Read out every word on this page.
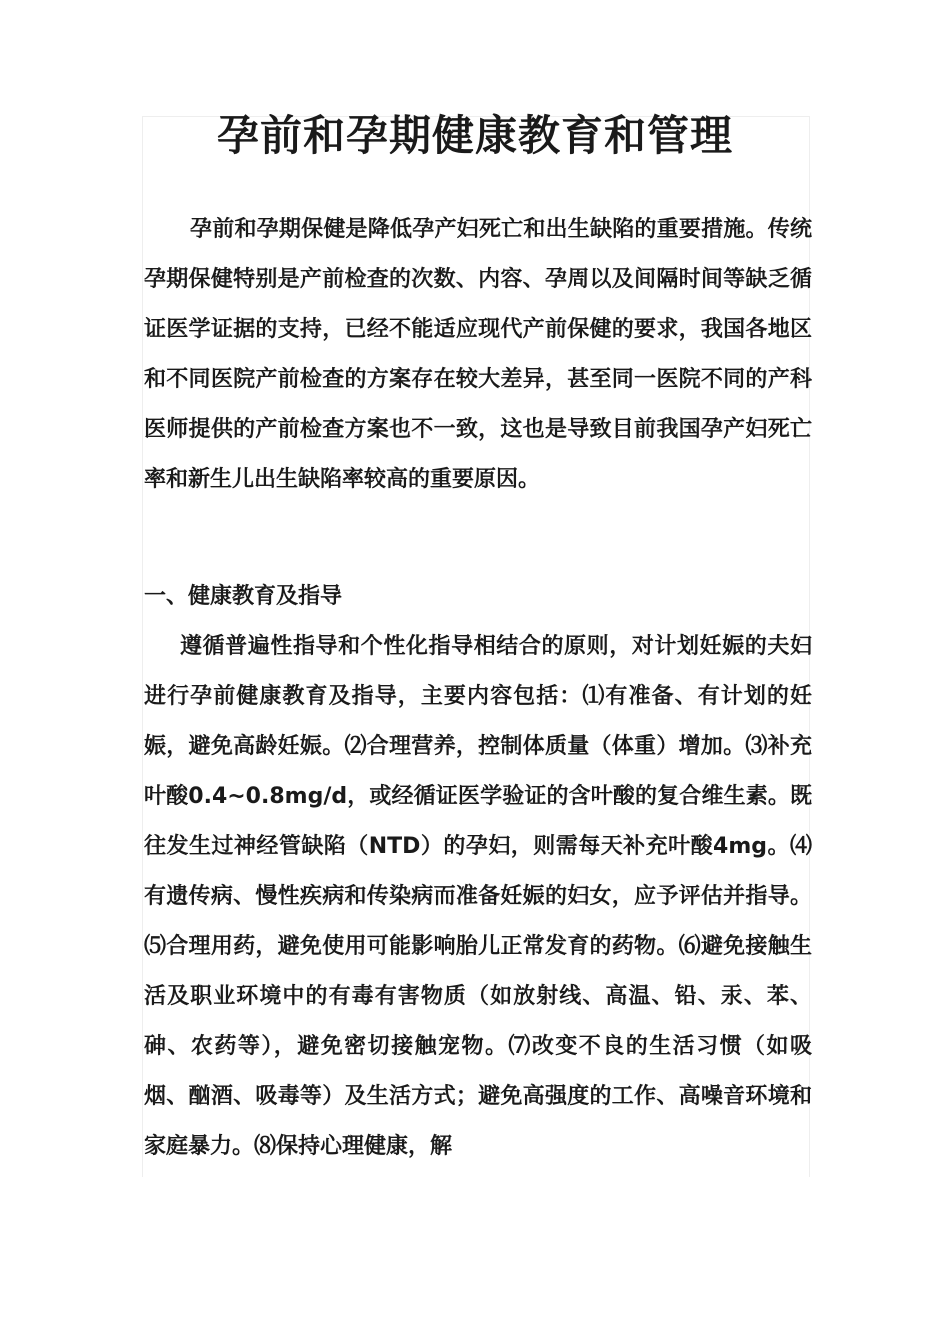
孕前和孕期健康教育和管理

孕前和孕期保健是降低孕产妇死亡和出生缺陷的重要措施。传统孕期保健特别是产前检查的次数、内容、孕周以及间隔时间等缺乏循证医学证据的支持，已经不能适应现代产前保健的要求，我国各地区和不同医院产前检查的方案存在较大差异，甚至同一医院不同的产科医师提供的产前检查方案也不一致，这也是导致目前我国孕产妇死亡率和新生儿出生缺陷率较高的重要原因。

一、健康教育及指导

遵循普遍性指导和个性化指导相结合的原则，对计划妊娠的夫妇进行孕前健康教育及指导，主要内容包括：⑴有准备、有计划的妊娠，避免高龄妊娠。⑵合理营养，控制体质量（体重）增加。⑶补充叶酸0.4~0.8mg/d，或经循证医学验证的含叶酸的复合维生素。既往发生过神经管缺陷（NTD）的孕妇，则需每天补充叶酸4mg。⑷有遗传病、慢性疾病和传染病而准备妊娠的妇女，应予评估并指导。⑸合理用药，避免使用可能影响胎儿正常发育的药物。⑹避免接触生活及职业环境中的有毒有害物质（如放射线、高温、铅、汞、苯、砷、农药等），避免密切接触宠物。⑺改变不良的生活习惯（如吸烟、酗酒、吸毒等）及生活方式；避免高强度的工作、高噪音环境和家庭暴力。⑻保持心理健康，解
